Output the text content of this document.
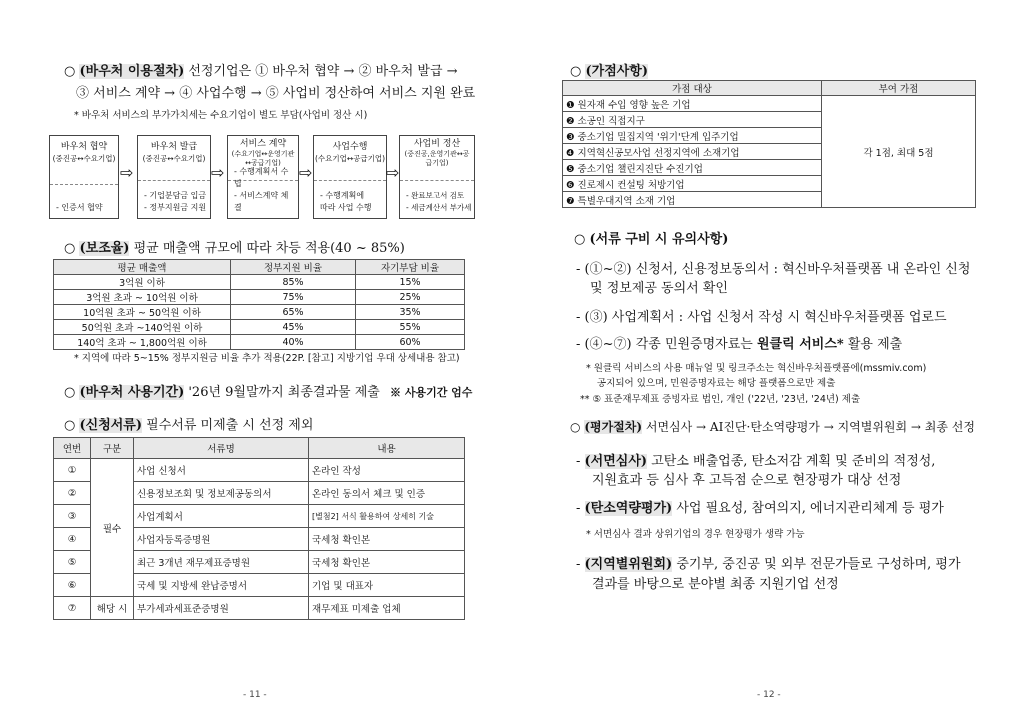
○ (바우처 이용절차) 선정기업은 ① 바우처 협약 → ② 바우처 발급 →
③ 서비스 계약 → ④ 사업수행 → ⑤ 사업비 정산하여 서비스 지원 완료
* 바우처 서비스의 부가가치세는 수요기업이 별도 부담(사업비 정산 시)
바우처 협약
(중진공↔수요기업)
- 인증서 협약
⇨
바우처 발급
(중진공↔수요기업)
- 기업분담금 입금
- 정부지원금 지원
⇨
서비스 계약
(수요기업↔운영기관↔공급기업)
- 수행계획서 수립
- 서비스계약 체결
⇨
사업수행
(수요기업↔공급기업)
- 수행계획에
따라 사업 수행
⇨
사업비 정산
(중진공,운영기관↔공급기업)
- 완료보고서 검토
- 세금계산서 부가세
○ (보조율) 평균 매출액 규모에 따라 차등 적용(40 ~ 85%)
평균 매출액	정부지원 비율	자기부담 비율
3억원 이하	85%	15%
3억원 초과 ~ 10억원 이하	75%	25%
10억원 초과 ~ 50억원 이하	65%	35%
50억원 초과 ~140억원 이하	45%	55%
140억 초과 ~ 1,800억원 이하	40%	60%
* 지역에 따라 5~15% 정부지원금 비율 추가 적용(22P. [참고] 지방기업 우대 상세내용 참고)
○ (바우처 사용기간) '26년 9월말까지 최종결과물 제출 ※ 사용기간 엄수
○ (신청서류) 필수서류 미제출 시 선정 제외
연번	구분	서류명	내용
①	필수	사업 신청서	온라인 작성
②		신용정보조회 및 정보제공동의서	온라인 동의서 체크 및 인증
③		사업계획서	[별첨2] 서식 활용하여 상세히 기술
④		사업자등록증명원	국세청 확인본
⑤		최근 3개년 재무제표증명원	국세청 확인본
⑥		국세 및 지방세 완납증명서	기업 및 대표자
⑦	해당 시	부가세과세표준증명원	재무제표 미제출 업체
- 11 -
○ (가점사항)
가점 대상	부여 가점
❶ 원자재 수입 영향 높은 기업	각 1점, 최대 5점
❷ 소공인 직접지구	
❸ 중소기업 밀집지역 '위기'단계 입주기업	
❹ 지역혁신공모사업 선정지역에 소재기업	
❺ 중소기업 챌린지진단 수진기업	
❻ 진로제시 컨설팅 처방기업	
❼ 특별우대지역 소재 기업	
○ (서류 구비 시 유의사항)
- (①~②) 신청서, 신용정보동의서 : 혁신바우처플랫폼 내 온라인 신청
및 정보제공 동의서 확인
- (③) 사업계획서 : 사업 신청서 작성 시 혁신바우처플랫폼 업로드
- (④~⑦) 각종 민원증명자료는 원클릭 서비스* 활용 제출
* 원클릭 서비스의 사용 매뉴얼 및 링크주소는 혁신바우처플랫폼에(mssmiv.com)
공지되어 있으며, 민원증명자료는 해당 플랫폼으로만 제출
** ⑤ 표준재무제표 증빙자료 법인, 개인 ('22년, '23년, '24년) 제출
○ (평가절차) 서면심사 → AI진단·탄소역량평가 → 지역별위원회 → 최종 선정
- (서면심사) 고탄소 배출업종, 탄소저감 계획 및 준비의 적정성,
지원효과 등 심사 후 고득점 순으로 현장평가 대상 선정
- (탄소역량평가) 사업 필요성, 참여의지, 에너지관리체계 등 평가
* 서면심사 결과 상위기업의 경우 현장평가 생략 가능
- (지역별위원회) 중기부, 중진공 및 외부 전문가들로 구성하며, 평가
결과를 바탕으로 분야별 최종 지원기업 선정
- 12 -
